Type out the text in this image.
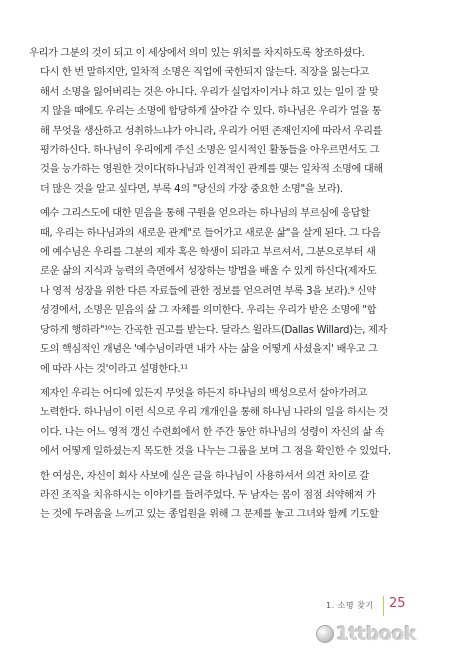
우리가 그분의 것이 되고 이 세상에서 의미 있는 위치를 차지하도록 창조하셨다.

다시 한 번 말하지만, 일차적 소명은 직업에 국한되지 않는다. 직장을 잃는다고
해서 소명을 잃어버리는 것은 아니다. 우리가 실업자이거나 하고 있는 일이 잘 맞
지 않을 때에도 우리는 소명에 합당하게 살아갈 수 있다. 하나님은 우리가 얼을 통
해 무엇을 생산하고 성취하느냐가 아니라, 우리가 어떤 존재인지에 따라서 우리를
평가하신다. 하나님이 우리에게 주신 소명은 일시적인 활동들을 아우르면서도 그
것을 능가하는 영원한 것이다(하나님과 인격적인 관계를 맺는 일차적 소명에 대해
더 많은 것을 알고 싶다면, 부록 4의 "당신의 가장 중요한 소명"을 보라).

예수 그리스도에 대한 믿음을 통해 구원을 얻으라는 하나님의 부르심에 응답할
때, 우리는 하나님과의 새로운 관계"로 들어가고 새로운 삶"을 살게 된다. 그 다음
에 예수님은 우리를 그분의 제자 혹은 학생이 되라고 부르셔서, 그분으로부터 새
로운 삶의 지식과 능력의 측면에서 성장하는 방법을 배울 수 있게 하신다(제자도
나 영적 성장을 위한 다른 자료들에 관한 정보를 얻으려면 부록 3을 보라).⁹ 신약
성경에서, 소명은 믿음의 삶 그 자체를 의미한다. 우리는 우리가 받은 소명에 "합
당하게 행하라"¹⁰는 간곡한 권고를 받는다. 달라스 윌라드(Dallas Willard)는, 제자
도의 핵심적인 개념은 '예수님이라면 내가 사는 삶을 어떻게 사셨을지' 배우고 그
에 따라 사는 것'이라고 설명한다.¹¹

제자인 우리는 어디에 있든지 무엇을 하든지 하나님의 백성으로서 살아가려고
노력한다. 하나님이 이런 식으로 우리 개개인을 통해 하나님 나라의 일을 하시는 것
이다. 나는 어느 영적 갱신 수련회에서 한 주간 동안 하나님의 성령이 자신의 삶 속
에서 어떻게 일하셨는지 목도한 것을 나누는 그룹을 보며 그 점을 확인한 수 있었다.

한 여성은, 자신이 회사 사보에 실은 글을 하나님이 사용하셔서 의견 차이로 갈
라진 조직을 치유하시는 이야기를 들려주었다. 두 남자는 몸이 점점 쇠약해져 가
는 것에 두려움을 느끼고 있는 종업원을 위해 그 문제를 놓고 그녀와 함께 기도할

1. 소명 찾기 25
1ttbook
